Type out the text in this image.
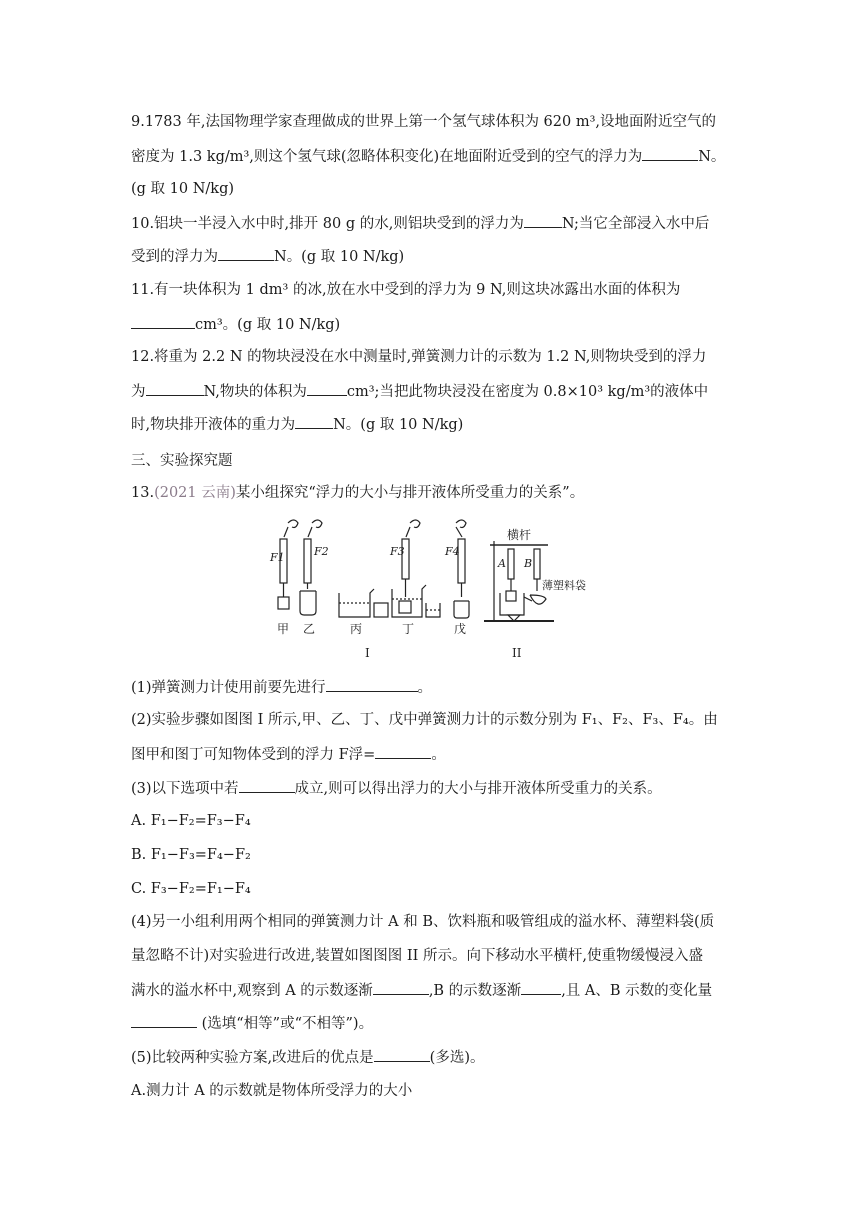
9.1783 年,法国物理学家查理做成的世界上第一个氢气球体积为 620 m³,设地面附近空气的
密度为 1.3 kg/m³,则这个氢气球(忽略体积变化)在地面附近受到的空气的浮力为	N。
(g 取 10 N/kg)
10.铝块一半浸入水中时,排开 80 g 的水,则铝块受到的浮力为	N;当它全部浸入水中后
受到的浮力为	N。(g 取 10 N/kg)
11.有一块体积为 1 dm³ 的冰,放在水中受到的浮力为 9 N,则这块冰露出水面的体积为
cm³。(g 取 10 N/kg)
12.将重为 2.2 N 的物块浸没在水中测量时,弹簧测力计的示数为 1.2 N,则物块受到的浮力
为	N,物块的体积为	cm³;当把此物块浸没在密度为 0.8×10³ kg/m³的液体中
时,物块排开液体的重力为	N。(g 取 10 N/kg)
三、实验探究题
13.(2021 云南)某小组探究“浮力的大小与排开液体所受重力的关系”。
F1	F2	F3	F4
A B
横杆
薄塑料袋
甲 乙	丙	丁	戊
I	II
(1)弹簧测力计使用前要先进行	。
(2)实验步骤如图图 I 所示,甲、乙、丁、戊中弹簧测力计的示数分别为 F₁、F₂、F₃、F₄。由
图甲和图丁可知物体受到的浮力 F浮=	。
(3)以下选项中若	成立,则可以得出浮力的大小与排开液体所受重力的关系。
A. F₁−F₂=F₃−F₄
B. F₁−F₃=F₄−F₂
C. F₃−F₂=F₁−F₄
(4)另一小组利用两个相同的弹簧测力计 A 和 B、饮料瓶和吸管组成的溢水杯、薄塑料袋(质
量忽略不计)对实验进行改进,装置如图图图 II 所示。向下移动水平横杆,使重物缓慢浸入盛
满水的溢水杯中,观察到 A 的示数逐渐	,B 的示数逐渐	,且 A、B 示数的变化量
(选填“相等”或“不相等”)。
(5)比较两种实验方案,改进后的优点是	(多选)。
A.测力计 A 的示数就是物体所受浮力的大小
